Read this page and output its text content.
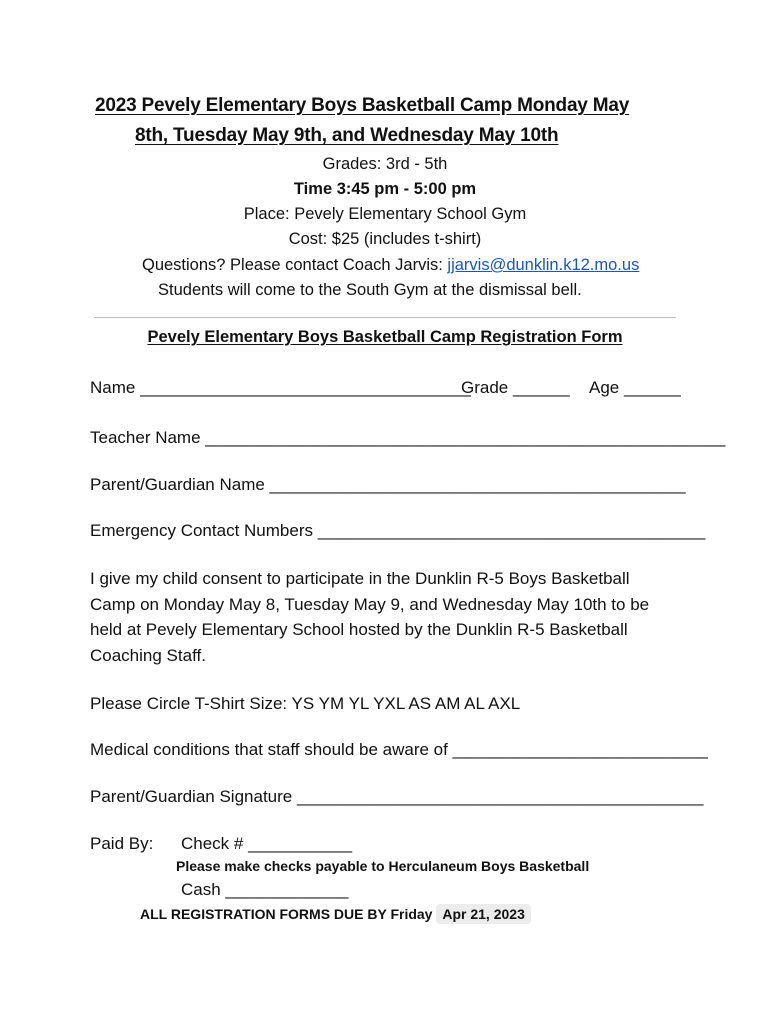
2023 Pevely Elementary Boys Basketball Camp Monday May
8th, Tuesday May 9th, and Wednesday May 10th
Grades: 3rd - 5th
Time 3:45 pm - 5:00 pm
Place: Pevely Elementary School Gym
Cost: $25 (includes t-shirt)
Questions? Please contact Coach Jarvis: jjarvis@dunklin.k12.mo.us
Students will come to the South Gym at the dismissal bell.
Pevely Elementary Boys Basketball Camp Registration Form
Name ___________________________________
Grade ______ Age ______
Teacher Name _______________________________________________________
Parent/Guardian Name ____________________________________________
Emergency Contact Numbers _________________________________________
I give my child consent to participate in the Dunklin R-5 Boys Basketball
Camp on Monday May 8, Tuesday May 9, and Wednesday May 10th to be
held at Pevely Elementary School hosted by the Dunklin R-5 Basketball
Coaching Staff.
Please Circle T-Shirt Size: YS YM YL YXL AS AM AL AXL
Medical conditions that staff should be aware of ___________________________
Parent/Guardian Signature ___________________________________________
Paid By: Check # ___________
Please make checks payable to Herculaneum Boys Basketball
Cash _____________
ALL REGISTRATION FORMS DUE BY Friday Apr 21, 2023
